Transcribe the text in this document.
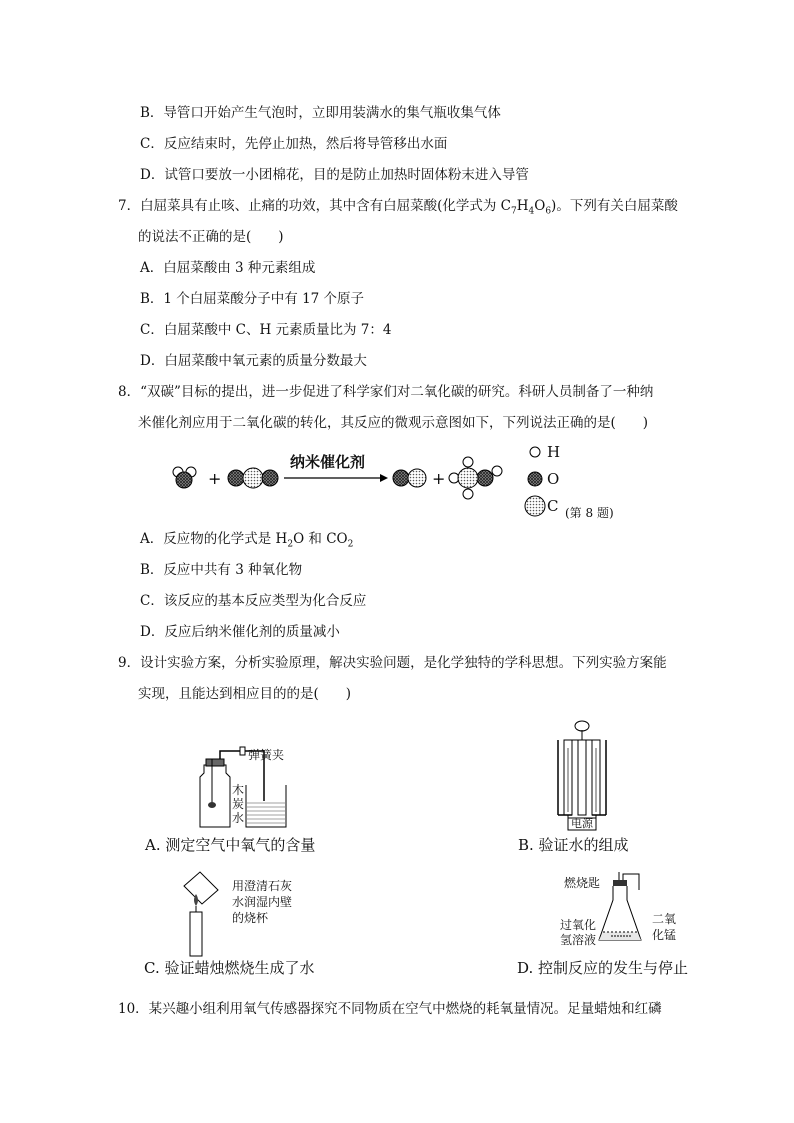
B．导管口开始产生气泡时，立即用装满水的集气瓶收集气体
C．反应结束时，先停止加热，然后将导管移出水面
D．试管口要放一小团棉花，目的是防止加热时固体粉末进入导管
7．白屈菜具有止咳、止痛的功效，其中含有白屈菜酸(化学式为 $C_7H_4O_6$)。下列有关白屈菜酸
的说法不正确的是(　　)
A．白屈菜酸由 3 种元素组成
B．1 个白屈菜酸分子中有 17 个原子
C．白屈菜酸中 C、H 元素质量比为 7：4
D．白屈菜酸中氧元素的质量分数最大
8．“双碳”目标的提出，进一步促进了科学家们对二氧化碳的研究。科研人员制备了一种纳
米催化剂应用于二氧化碳的转化，其反应的微观示意图如下，下列说法正确的是(　　)
+	+
纳米催化剂
H
O
C (第 8 题)
A．反应物的化学式是 $H_2O$ 和 $CO_2$
B．反应中共有 3 种氧化物
C．该反应的基本反应类型为化合反应
D．反应后纳米催化剂的质量减小
9．设计实验方案，分析实验原理，解决实验问题，是化学独特的学科思想。下列实验方案能
实现，且能达到相应目的的是(　　)
弹簧夹
木
炭
水
A. 测定空气中氧气的含量
电源
B. 验证水的组成
用澄清石灰
水润湿内壁
的烧杯
C. 验证蜡烛燃烧生成了水
燃烧匙
过氧化
氢溶液
二氧
化锰
D. 控制反应的发生与停止
10．某兴趣小组利用氧气传感器探究不同物质在空气中燃烧的耗氧量情况。足量蜡烛和红磷
